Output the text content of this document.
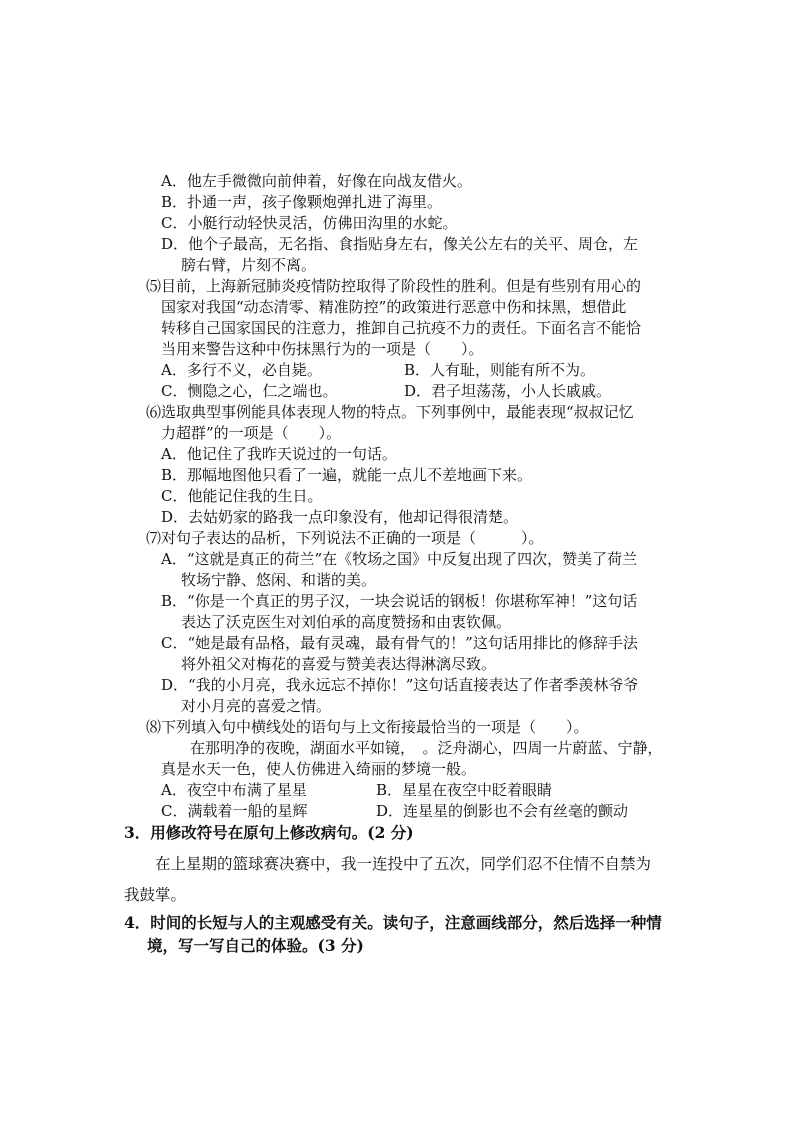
A．他左手微微向前伸着，好像在向战友借火。
B．扑通一声，孩子像颗炮弹扎进了海里。
C．小艇行动轻快灵活，仿佛田沟里的水蛇。
D．他个子最高，无名指、食指贴身左右，像关公左右的关平、周仓，左
膀右臂，片刻不离。
⑸目前，上海新冠肺炎疫情防控取得了阶段性的胜利。但是有些别有用心的
国家对我国“动态清零、精准防控”的政策进行恶意中伤和抹黑，想借此
转移自己国家国民的注意力，推卸自己抗疫不力的责任。下面名言不能恰
当用来警告这种中伤抹黑行为的一项是（　　）。
A．多行不义，必自毙。	B．人有耻，则能有所不为。
C．恻隐之心，仁之端也。	D．君子坦荡荡，小人长戚戚。
⑹选取典型事例能具体表现人物的特点。下列事例中，最能表现“叔叔记忆
力超群”的一项是（　　）。
A．他记住了我昨天说过的一句话。
B．那幅地图他只看了一遍，就能一点儿不差地画下来。
C．他能记住我的生日。
D．去姑奶家的路我一点印象没有，他却记得很清楚。
⑺对句子表达的品析，下列说法不正确的一项是（　　　）。
A．“这就是真正的荷兰”在《牧场之国》中反复出现了四次，赞美了荷兰
牧场宁静、悠闲、和谐的美。
B．“你是一个真正的男子汉，一块会说话的钢板！你堪称军神！”这句话
表达了沃克医生对刘伯承的高度赞扬和由衷钦佩。
C．“她是最有品格，最有灵魂，最有骨气的！”这句话用排比的修辞手法
将外祖父对梅花的喜爱与赞美表达得淋漓尽致。
D．“我的小月亮，我永远忘不掉你！”这句话直接表达了作者季羡林爷爷
对小月亮的喜爱之情。
⑻下列填入句中横线处的语句与上文衔接最恰当的一项是（　　）。
在那明净的夜晚，湖面水平如镜，　。泛舟湖心，四周一片蔚蓝、宁静，
真是水天一色，使人仿佛进入绮丽的梦境一般。
A．夜空中布满了星星	B．星星在夜空中眨着眼睛
C．满载着一船的星辉	D．连星星的倒影也不会有丝毫的颤动
3．用修改符号在原句上修改病句。(2 分)
在上星期的篮球赛决赛中，我一连投中了五次，同学们忍不住情不自禁为
我鼓掌。
4．时间的长短与人的主观感受有关。读句子，注意画线部分，然后选择一种情
境，写一写自己的体验。(3 分)
